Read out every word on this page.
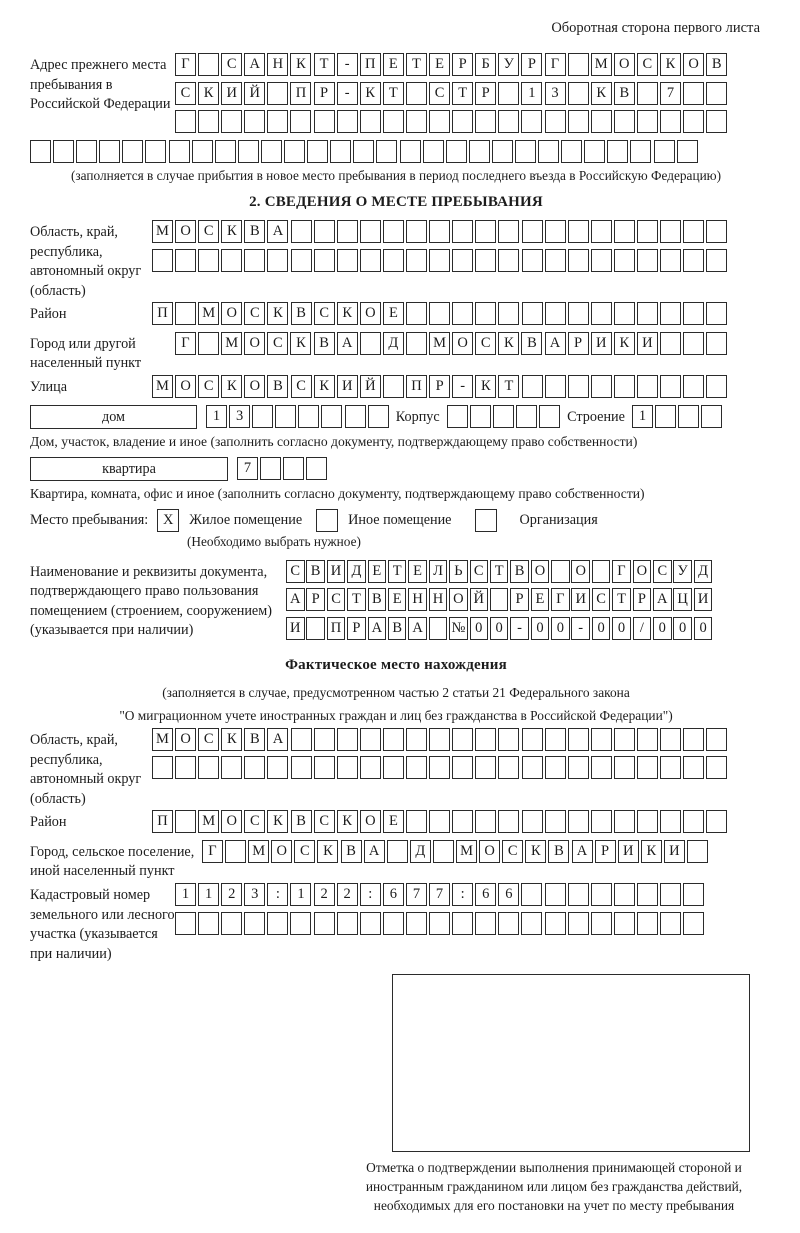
Оборотная сторона первого листа
Адрес прежнего места пребывания в Российской Федерации
Г	С А Н К Т - П Е Т Е Р Б У Р Г М О С К О В
С К И Й П Р - К Т	С Т Р	1 3	К В	7
(заполняется в случае прибытия в новое место пребывания в период последнего въезда в Российскую Федерацию)
2. СВЕДЕНИЯ О МЕСТЕ ПРЕБЫВАНИЯ
Область, край, республика, автономный округ (область)
М О С К В А
Район	П М О С К В С К О Е
Город или другой населенный пункт
Г М О С К В А Д М О С К В А Р И К И
Улица	М О С К О В С К И Й П Р - К Т
дом	1 3	Корпус	Строение 1
Дом, участок, владение и иное (заполнить согласно документу, подтверждающему право собственности)
квартира	7
Квартира, комната, офис и иное (заполнить согласно документу, подтверждающему право собственности)
Место пребывания:	X	Жилое помещение	Иное помещение	Организация
(Необходимо выбрать нужное)
Наименование и реквизиты документа, подтверждающего право пользования помещением (строением, сооружением) (указывается при наличии)
С В И Д Е Т Е Л Ь С Т В О О Г О С У Д
А Р С Т В Е Н Н О Й Р Е Г И С Т Р А Ц И
И П Р А В А № 0 0 - 0 0 - 0 0 / 0 0 0
Фактическое место нахождения
(заполняется в случае, предусмотренном частью 2 статьи 21 Федерального закона
"О миграционном учете иностранных граждан и лиц без гражданства в Российской Федерации")
Область, край, республика, автономный округ (область)
М О С К В А
Район	П М О С К В С К О Е
Город, сельское поселение, иной населенный пункт
Г М О С К В А Д М О С К В А Р И К И
Кадастровый номер земельного или лесного участка (указывается при наличии)
1 1 2 3 : 1 2 2 : 6 7 7 : 6 6
Отметка о подтверждении выполнения принимающей стороной и иностранным гражданином или лицом без гражданства действий, необходимых для его постановки на учет по месту пребывания
